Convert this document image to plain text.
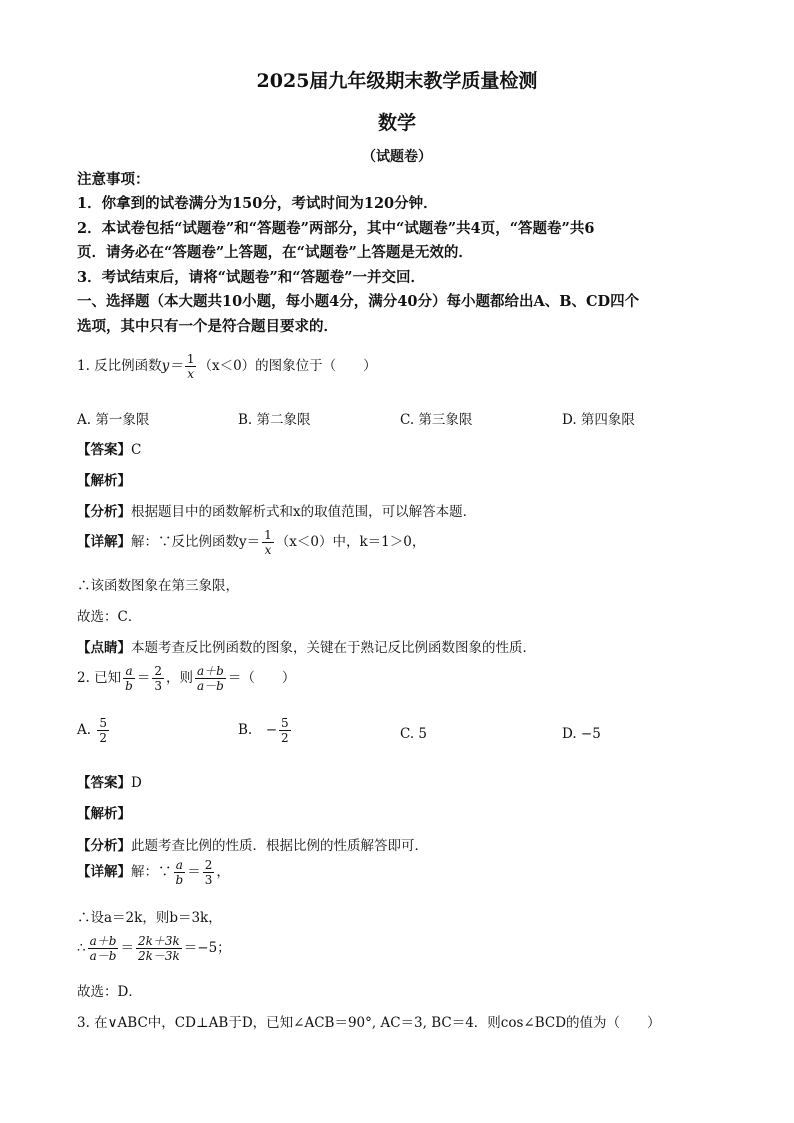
2025届九年级期末教学质量检测
数学
（试题卷）
注意事项：
1．你拿到的试卷满分为150分，考试时间为120分钟．
2．本试卷包括“试题卷”和“答题卷”两部分，其中“试题卷”共4页，“答题卷”共6
页．请务必在“答题卷”上答题，在“试题卷”上答题是无效的．
3．考试结束后，请将“试题卷”和“答题卷”一并交回．
一、选择题（本大题共10小题，每小题4分，满分40分）每小题都给出A、B、CD四个
选项，其中只有一个是符合题目要求的．
1. 反比例函数$y= \frac{1}{x} (x<0)$的图象位于（　　）
A. 第一象限	B. 第二象限	C. 第三象限	D. 第四象限
【答案】C
【解析】
【分析】根据题目中的函数解析式和x的取值范围，可以解答本题．
【详解】解：∵反比例函数$y= \frac{1}{x} (x<0)$中，k＝1＞0，
∴该函数图象在第三象限，
故选：C．
【点睛】本题考查反比例函数的图象，关键在于熟记反比例函数图象的性质．
2. 已知 $\frac{a}{b} = \frac{2}{3}$ ，则 $\frac{a+b}{a-b}$ ＝（　　）
A. $\frac{5}{2}$	B.　− $\frac{5}{2}$	C. 5	D. −5
【答案】D
【解析】
【分析】此题考查比例的性质．根据比例的性质解答即可．
【详解】解：∵ $\frac{a}{b} = \frac{2}{3}$ ，
∴设a＝2k，则b＝3k，
∴ $\frac{a+b}{a-b} = \frac{2k+3k}{2k-3k} =-5$；
故选：D．
3. 在∨ABC中，CD⊥AB于D，已知∠ACB＝90°, AC＝3, BC＝4．则cos∠BCD的值为（　　）
